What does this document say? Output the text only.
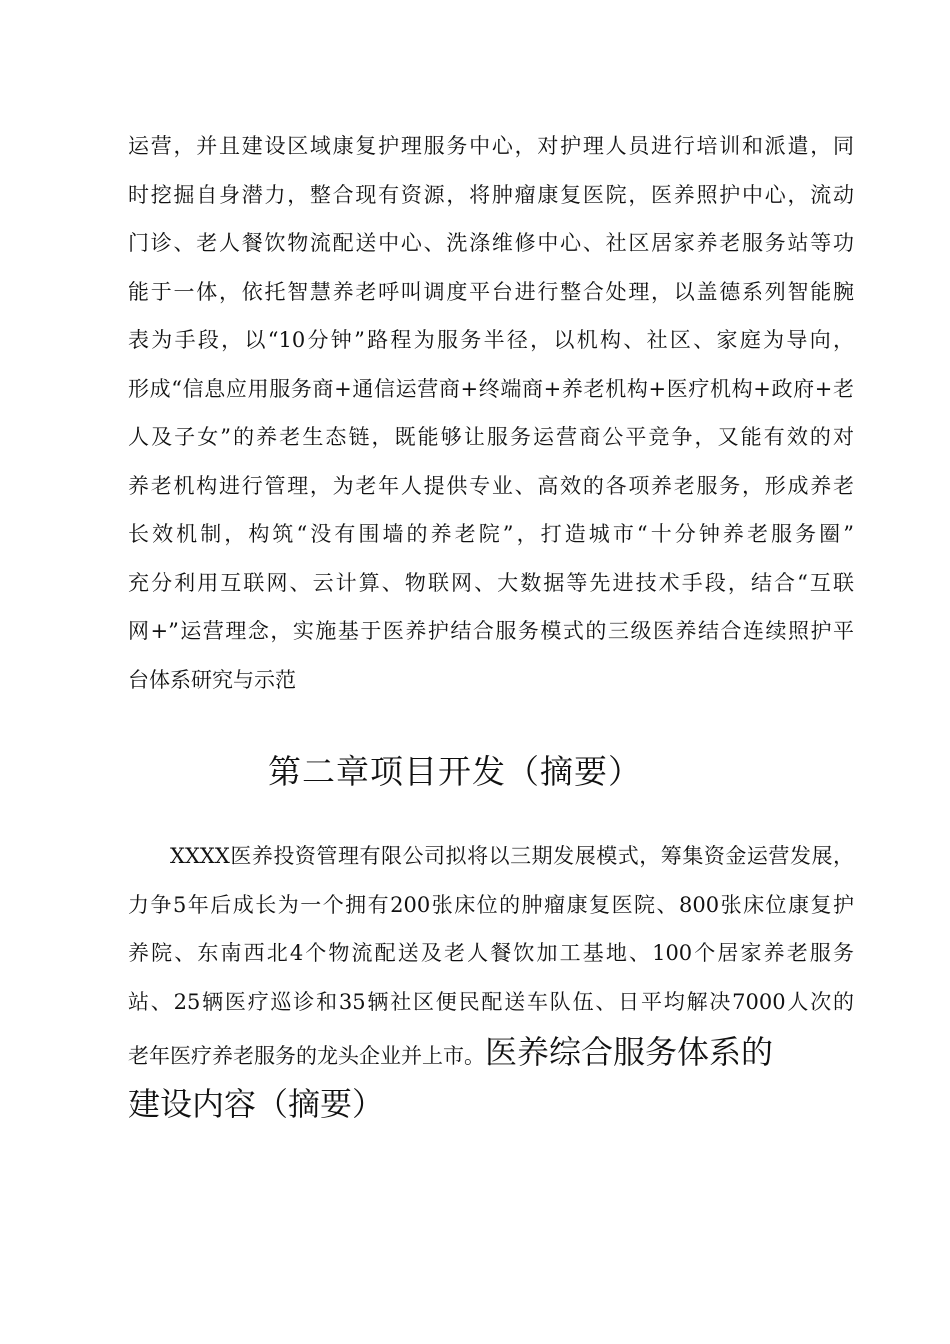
运营，并且建设区域康复护理服务中心，对护理人员进行培训和派遣，同
时挖掘自身潜力，整合现有资源，将肿瘤康复医院，医养照护中心，流动
门诊、老人餐饮物流配送中心、洗涤维修中心、社区居家养老服务站等功
能于一体，依托智慧养老呼叫调度平台进行整合处理，以盖德系列智能腕
表为手段，以“10分钟”路程为服务半径，以机构、社区、家庭为导向，
形成“信息应用服务商+通信运营商+终端商+养老机构+医疗机构+政府+老
人及子女”的养老生态链，既能够让服务运营商公平竞争，又能有效的对
养老机构进行管理，为老年人提供专业、高效的各项养老服务，形成养老
长效机制，构筑“没有围墙的养老院”，打造城市“十分钟养老服务圈”
充分利用互联网、云计算、物联网、大数据等先进技术手段，结合“互联
网+”运营理念，实施基于医养护结合服务模式的三级医养结合连续照护平
台体系研究与示范
第二章项目开发（摘要）
XXXX医养投资管理有限公司拟将以三期发展模式，筹集资金运营发展，
力争5年后成长为一个拥有200张床位的肿瘤康复医院、800张床位康复护
养院、东南西北4个物流配送及老人餐饮加工基地、100个居家养老服务
站、25辆医疗巡诊和35辆社区便民配送车队伍、日平均解决7000人次的
老年医疗养老服务的龙头企业并上市。医养综合服务体系的
建设内容（摘要）
